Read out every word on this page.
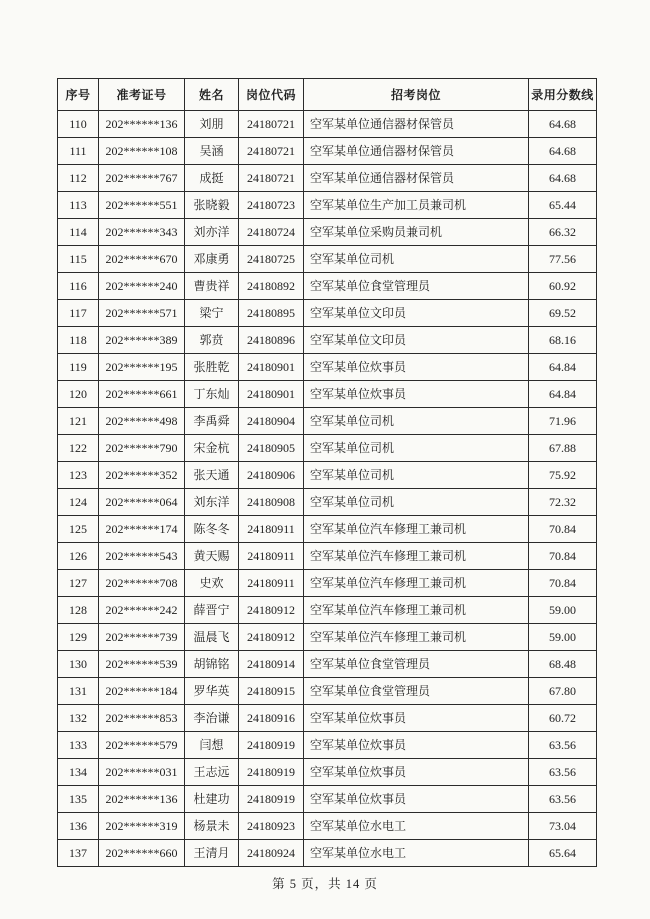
序号	准考证号	姓名	岗位代码	招考岗位	录用分数线
110	202******136	刘朋	24180721	空军某单位通信器材保管员	64.68
111	202******108	吴涵	24180721	空军某单位通信器材保管员	64.68
112	202******767	成挺	24180721	空军某单位通信器材保管员	64.68
113	202******551	张晓毅	24180723	空军某单位生产加工员兼司机	65.44
114	202******343	刘亦洋	24180724	空军某单位采购员兼司机	66.32
115	202******670	邓康勇	24180725	空军某单位司机	77.56
116	202******240	曹贵祥	24180892	空军某单位食堂管理员	60.92
117	202******571	梁宁	24180895	空军某单位文印员	69.52
118	202******389	郭贲	24180896	空军某单位文印员	68.16
119	202******195	张胜乾	24180901	空军某单位炊事员	64.84
120	202******661	丁东灿	24180901	空军某单位炊事员	64.84
121	202******498	李禹舜	24180904	空军某单位司机	71.96
122	202******790	宋金杭	24180905	空军某单位司机	67.88
123	202******352	张天通	24180906	空军某单位司机	75.92
124	202******064	刘东洋	24180908	空军某单位司机	72.32
125	202******174	陈冬冬	24180911	空军某单位汽车修理工兼司机	70.84
126	202******543	黄天赐	24180911	空军某单位汽车修理工兼司机	70.84
127	202******708	史欢	24180911	空军某单位汽车修理工兼司机	70.84
128	202******242	薛晋宁	24180912	空军某单位汽车修理工兼司机	59.00
129	202******739	温晨飞	24180912	空军某单位汽车修理工兼司机	59.00
130	202******539	胡锦铭	24180914	空军某单位食堂管理员	68.48
131	202******184	罗华英	24180915	空军某单位食堂管理员	67.80
132	202******853	李治谦	24180916	空军某单位炊事员	60.72
133	202******579	闫想	24180919	空军某单位炊事员	63.56
134	202******031	王志远	24180919	空军某单位炊事员	63.56
135	202******136	杜建功	24180919	空军某单位炊事员	63.56
136	202******319	杨景未	24180923	空军某单位水电工	73.04
137	202******660	王清月	24180924	空军某单位水电工	65.64
第 5 页，共 14 页
